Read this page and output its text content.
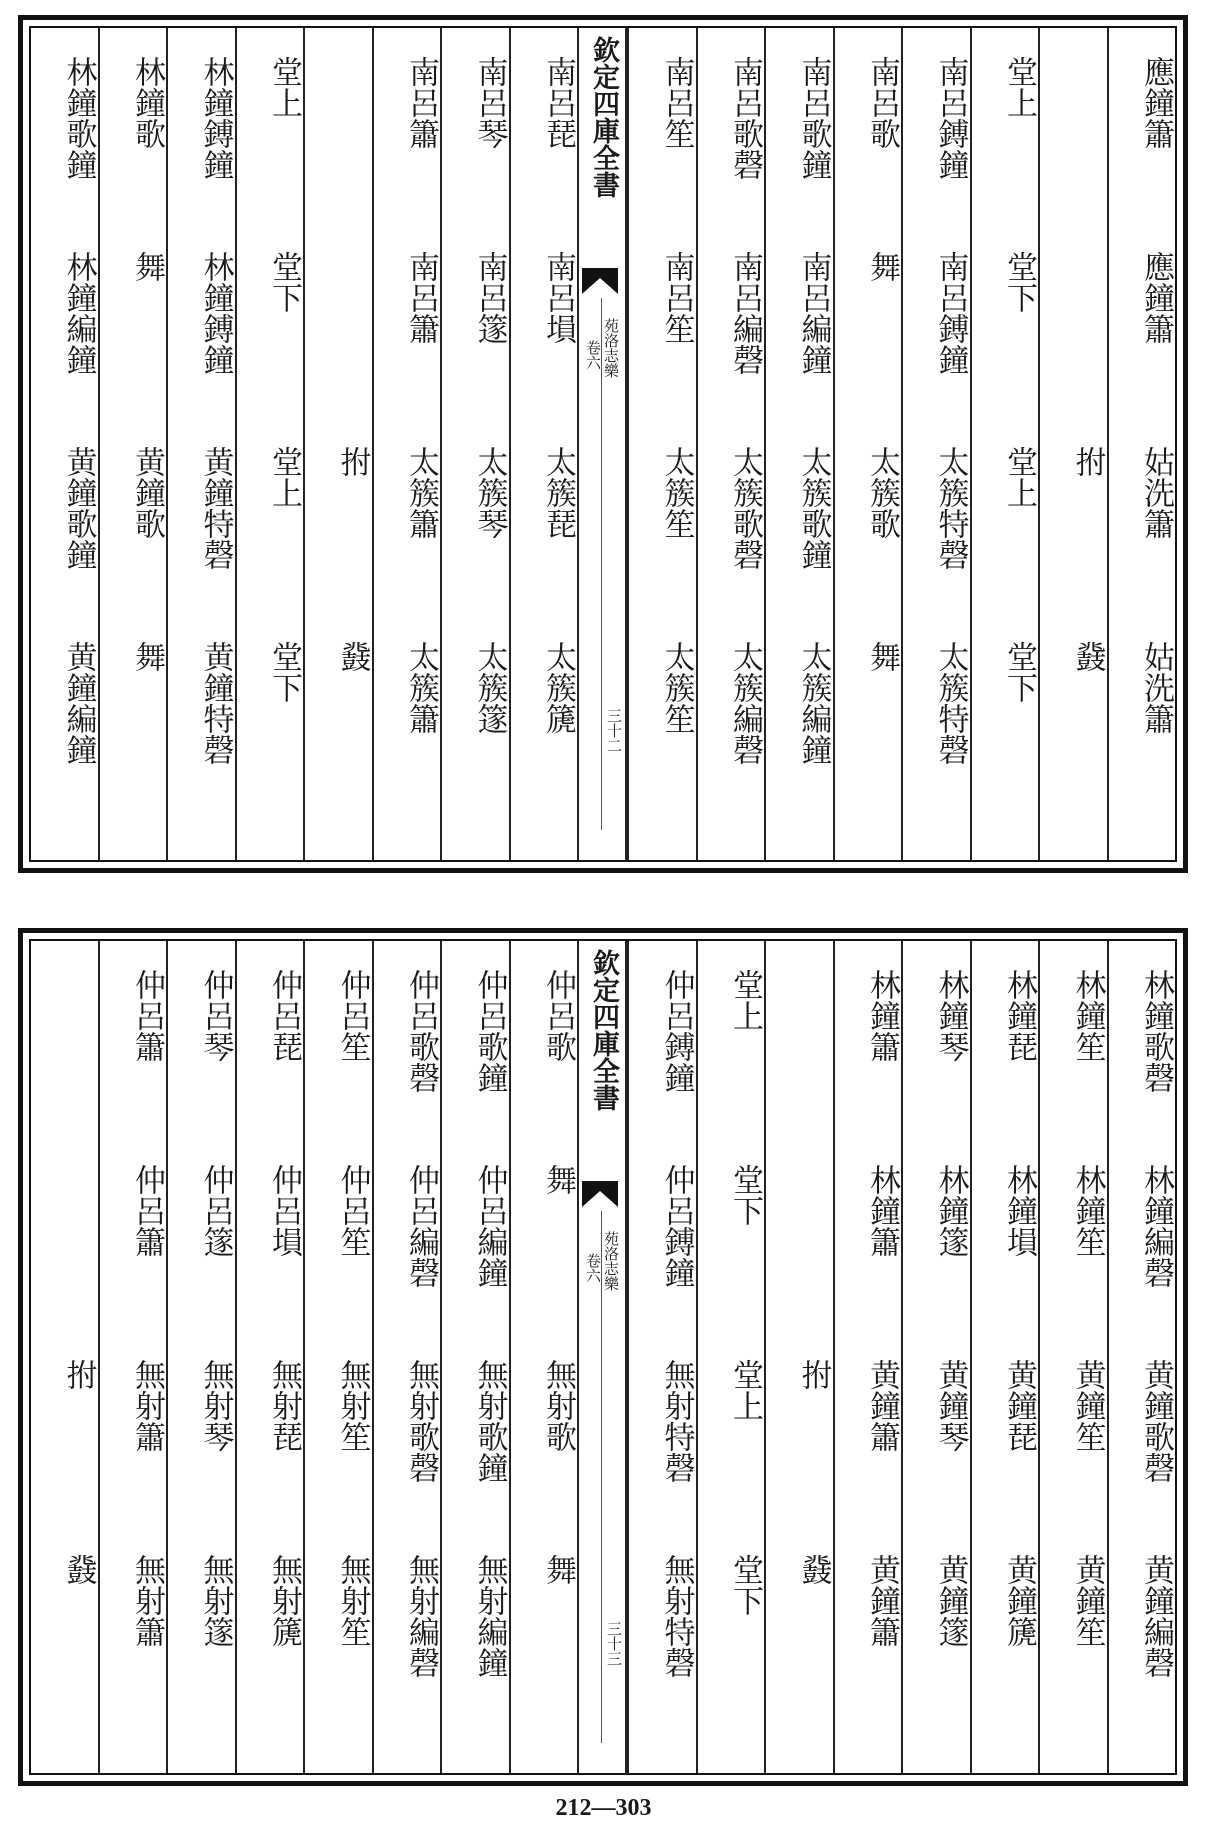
應鐘簫
應鐘簫
姑洗簫
姑洗簫
拊
鼗
堂上
堂下
堂上
堂下
南呂鎛鐘
南呂鎛鐘
太簇特磬
太簇特磬
南呂歌
舞
太簇歌
舞
南呂歌鐘
南呂編鐘
太簇歌鐘
太簇編鐘
南呂歌磬
南呂編磬
太簇歌磬
太簇編磬
南呂笙
南呂笙
太簇笙
太簇笙
欽定四庫全書
苑洛志樂
卷六
三十二
南呂琵
南呂塤
太簇琵
太簇篪
南呂琴
南呂篴
太簇琴
太簇篴
南呂簫
南呂簫
太簇簫
太簇簫
拊
鼗
堂上
堂下
堂上
堂下
林鐘鎛鐘
林鐘鎛鐘
黄鐘特磬
黄鐘特磬
林鐘歌
舞
黄鐘歌
舞
林鐘歌鐘
林鐘編鐘
黄鐘歌鐘
黄鐘編鐘
林鐘歌磬
林鐘編磬
黄鐘歌磬
黄鐘編磬
林鐘笙
林鐘笙
黄鐘笙
黄鐘笙
林鐘琵
林鐘塤
黄鐘琵
黄鐘篪
林鐘琴
林鐘篴
黄鐘琴
黄鐘篴
林鐘簫
林鐘簫
黄鐘簫
黄鐘簫
拊
鼗
堂上
堂下
堂上
堂下
仲呂鎛鐘
仲呂鎛鐘
無射特磬
無射特磬
欽定四庫全書
苑洛志樂
卷六
三十三
仲呂歌
舞
無射歌
舞
仲呂歌鐘
仲呂編鐘
無射歌鐘
無射編鐘
仲呂歌磬
仲呂編磬
無射歌磬
無射編磬
仲呂笙
仲呂笙
無射笙
無射笙
仲呂琵
仲呂塤
無射琵
無射篪
仲呂琴
仲呂篴
無射琴
無射篴
仲呂簫
仲呂簫
無射簫
無射簫
拊
鼗
212—303
